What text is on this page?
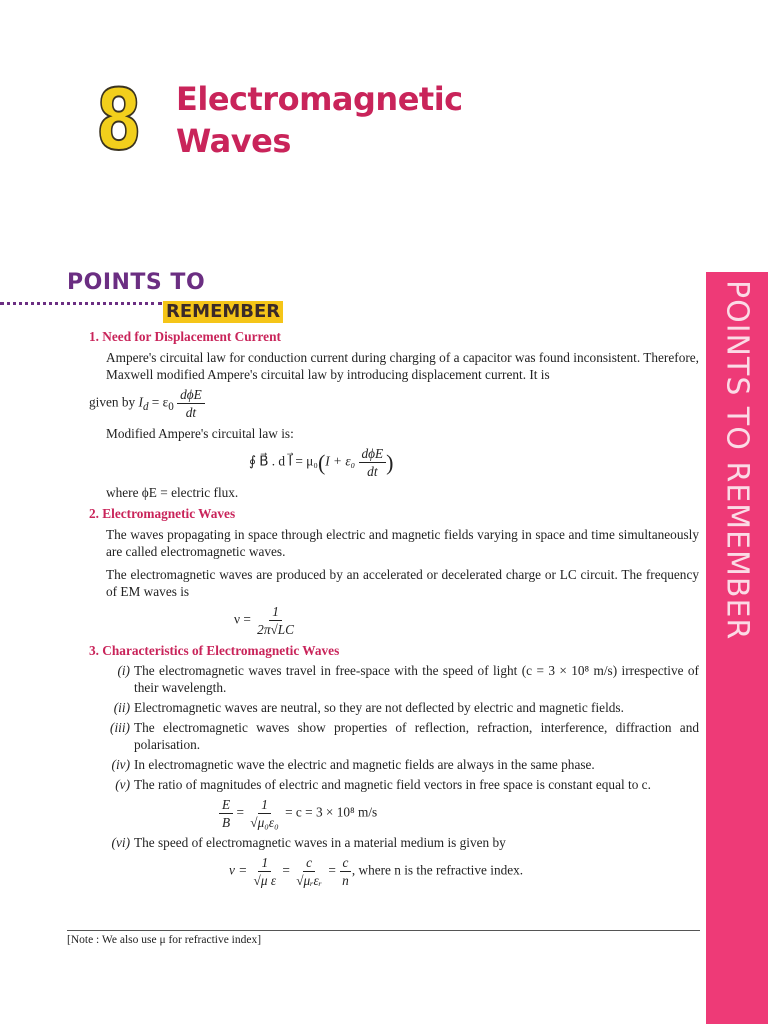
8 Electromagnetic
Waves
POINTS TO
REMEMBER	POINTS TO REMEMBER

1. Need for Displacement Current

Ampere's circuital law for conduction current during charging of a capacitor was found inconsistent. Therefore, Maxwell modified Ampere's circuital law by introducing displacement current. It is

given by $I_d = \varepsilon_0 \frac{\text{dϕE}}{dt}$

Modified Ampere's circuital law is:

∮ B⃗ . d l⃗ = $\mu_0(I + \varepsilon_0 \frac{\text{dϕE}}{dt}$ )

where ϕE = electric flux.

2. Electromagnetic Waves

The waves propagating in space through electric and magnetic fields varying in space and time simultaneously are called electromagnetic waves.

The electromagnetic waves are produced by an accelerated or decelerated charge or LC circuit. The frequency of EM waves is

$\nu = \frac{1}{2\pi√LC}$

3. Characteristics of Electromagnetic Waves

(i) The electromagnetic waves travel in free-space with the speed of light (c = 3 × 10⁸ m/s) irrespective of their wavelength.
(ii) Electromagnetic waves are neutral, so they are not deflected by electric and magnetic fields.
(iii) The electromagnetic waves show properties of reflection, refraction, interference, diffraction and polarisation.
(iv) In electromagnetic wave the electric and magnetic fields are always in the same phase.
(v) The ratio of magnitudes of electric and magnetic field vectors in free space is constant equal to c.
$\frac{E}{B} = \frac{1}{\text{√μ₀ε₀}} = c = 3 \times 10^8$ m/s
(vi) The speed of electromagnetic waves in a material medium is given by
$v = \frac{1}{\text{√μ ε}} = \frac{c}{\text{√μᵣεᵣ}} = \frac{c}{n}$ , where n is the refractive index.
[Note : We also use μ for refractive index]
